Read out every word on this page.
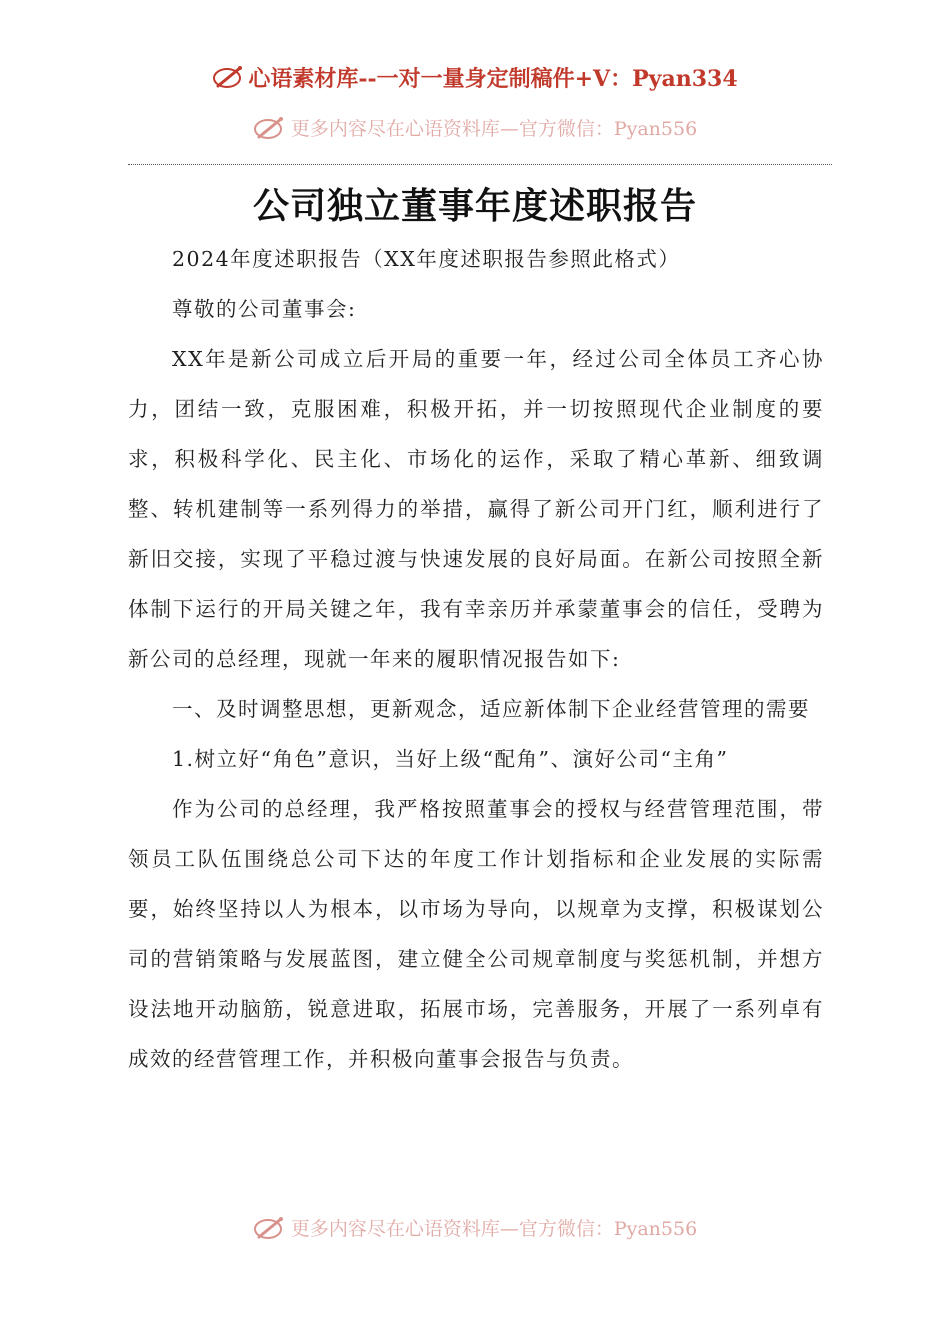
心语素材库--一对一量身定制稿件+V：Pyan334
更多内容尽在心语资料库—官方微信：Pyan556
公司独立董事年度述职报告

2024年度述职报告（XX年度述职报告参照此格式）

尊敬的公司董事会:

XX年是新公司成立后开局的重要一年，经过公司全体员工齐心协力，团结一致，克服困难，积极开拓，并一切按照现代企业制度的要求，积极科学化、民主化、市场化的运作，采取了精心革新、细致调整、转机建制等一系列得力的举措，赢得了新公司开门红，顺利进行了新旧交接，实现了平稳过渡与快速发展的良好局面。在新公司按照全新体制下运行的开局关键之年，我有幸亲历并承蒙董事会的信任，受聘为新公司的总经理，现就一年来的履职情况报告如下:

一、及时调整思想，更新观念，适应新体制下企业经营管理的需要

1.树立好“角色”意识，当好上级“配角”、演好公司“主角”

作为公司的总经理，我严格按照董事会的授权与经营管理范围，带领员工队伍围绕总公司下达的年度工作计划指标和企业发展的实际需要，始终坚持以人为根本，以市场为导向，以规章为支撑，积极谋划公司的营销策略与发展蓝图，建立健全公司规章制度与奖惩机制，并想方设法地开动脑筋，锐意进取，拓展市场，完善服务，开展了一系列卓有成效的经营管理工作，并积极向董事会报告与负责。

更多内容尽在心语资料库—官方微信：Pyan556
